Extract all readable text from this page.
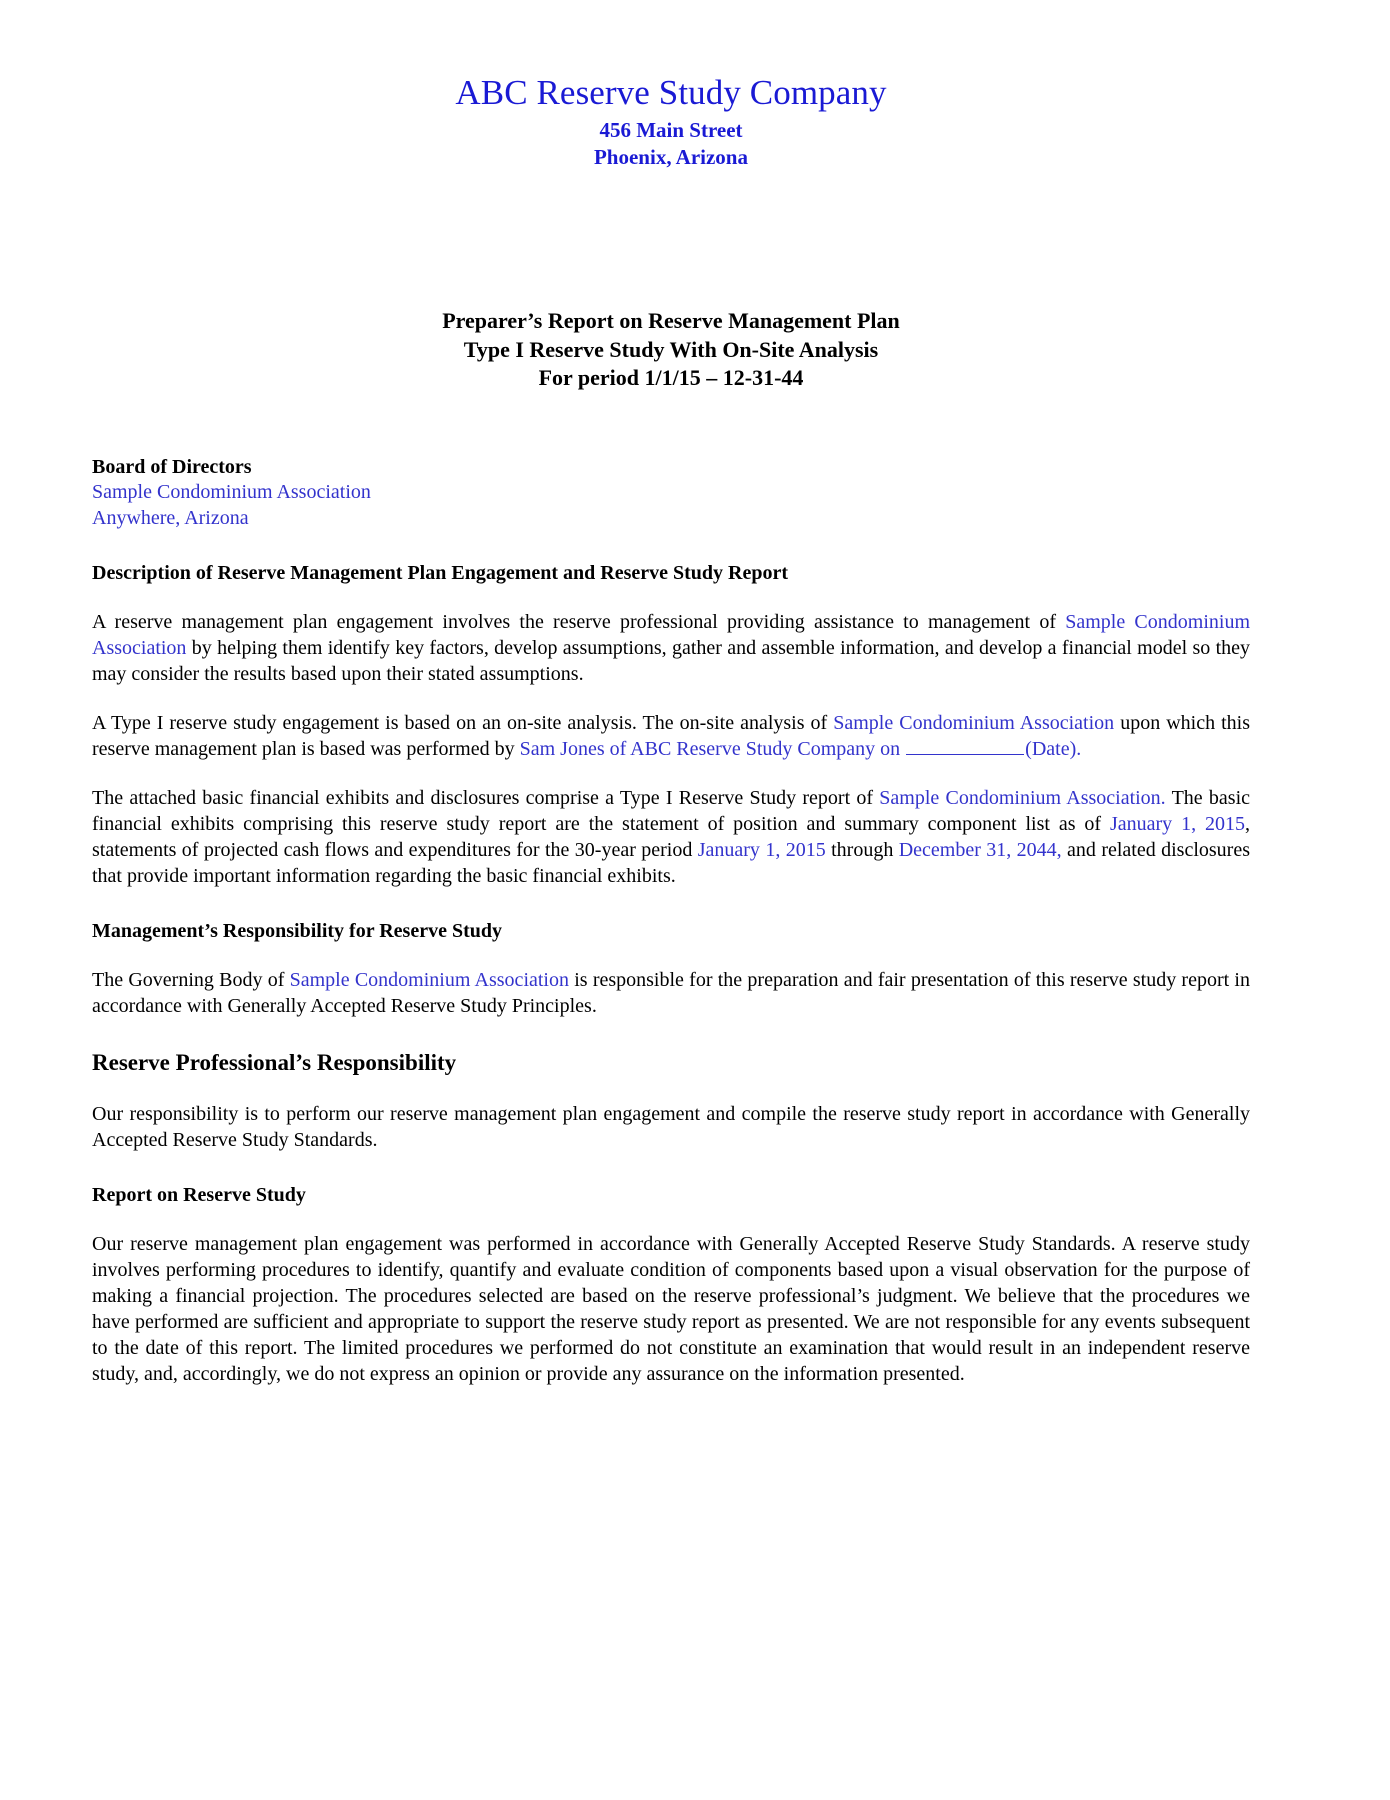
ABC Reserve Study Company
456 Main Street
Phoenix, Arizona
Preparer’s Report on Reserve Management Plan
Type I Reserve Study With On-Site Analysis
For period 1/1/15 – 12-31-44
Board of Directors
Sample Condominium Association
Anywhere, Arizona
Description of Reserve Management Plan Engagement and Reserve Study Report

A reserve management plan engagement involves the reserve professional providing assistance to management of Sample Condominium Association by helping them identify key factors, develop assumptions, gather and assemble information, and develop a financial model so they may consider the results based upon their stated assumptions.

A Type I reserve study engagement is based on an on-site analysis. The on-site analysis of Sample Condominium Association upon which this reserve management plan is based was performed by Sam Jones of ABC Reserve Study Company on	(Date).

The attached basic financial exhibits and disclosures comprise a Type I Reserve Study report of Sample Condominium Association. The basic financial exhibits comprising this reserve study report are the statement of position and summary component list as of January 1, 2015, statements of projected cash flows and expenditures for the 30-year period January 1, 2015 through December 31, 2044, and related disclosures that provide important information regarding the basic financial exhibits.

Management’s Responsibility for Reserve Study

The Governing Body of Sample Condominium Association is responsible for the preparation and fair presentation of this reserve study report in accordance with Generally Accepted Reserve Study Principles.

Reserve Professional’s Responsibility

Our responsibility is to perform our reserve management plan engagement and compile the reserve study report in accordance with Generally Accepted Reserve Study Standards.

Report on Reserve Study

Our reserve management plan engagement was performed in accordance with Generally Accepted Reserve Study Standards. A reserve study involves performing procedures to identify, quantify and evaluate condition of components based upon a visual observation for the purpose of making a financial projection. The procedures selected are based on the reserve professional’s judgment. We believe that the procedures we have performed are sufficient and appropriate to support the reserve study report as presented. We are not responsible for any events subsequent to the date of this report. The limited procedures we performed do not constitute an examination that would result in an independent reserve study, and, accordingly, we do not express an opinion or provide any assurance on the information presented.
